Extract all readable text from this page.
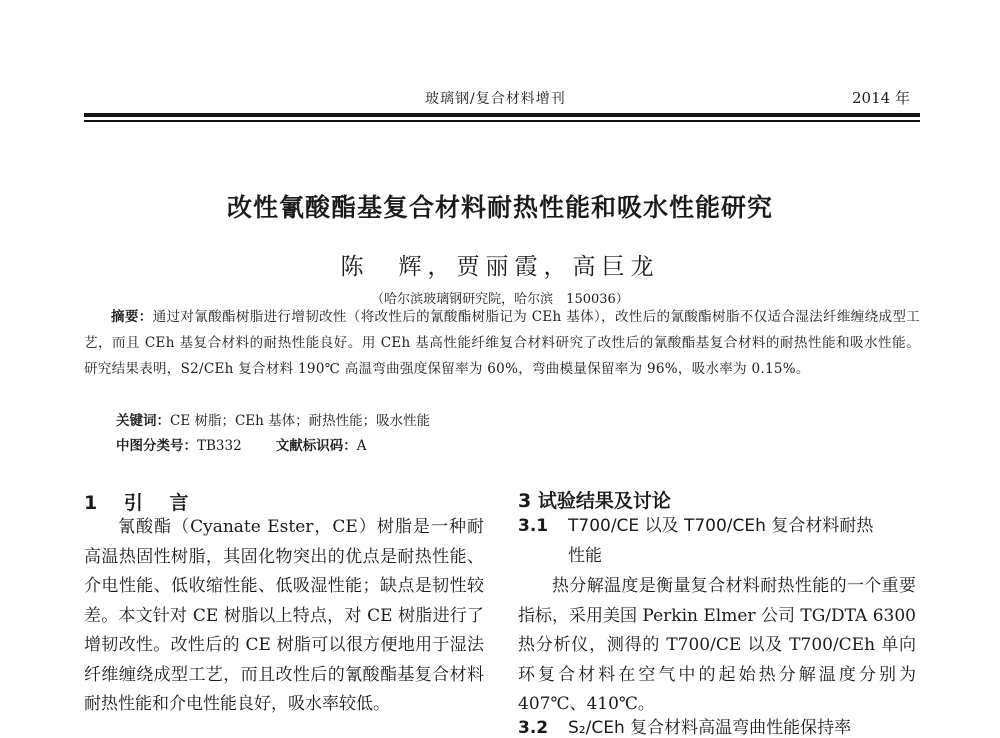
玻璃钢/复合材料增刊	2014 年
改性氰酸酯基复合材料耐热性能和吸水性能研究
陈　辉，贾丽霞，高巨龙
（哈尔滨玻璃钢研究院，哈尔滨　150036）
摘要：通过对氰酸酯树脂进行增韧改性（将改性后的氰酸酯树脂记为 CEh 基体），改性后的氰酸酯树脂不仅适合湿法纤维缠绕成型工艺，而且 CEh 基复合材料的耐热性能良好。用 CEh 基高性能纤维复合材料研究了改性后的氰酸酯基复合材料的耐热性能和吸水性能。研究结果表明，S2/CEh 复合材料 190℃ 高温弯曲强度保留率为 60%，弯曲模量保留率为 96%，吸水率为 0.15%。
关键词：CE 树脂；CEh 基体；耐热性能；吸水性能
中图分类号：TB332	文献标识码：A
1 引 言
氰酸酯（Cyanate Ester，CE）树脂是一种耐高温热固性树脂，其固化物突出的优点是耐热性能、介电性能、低收缩性能、低吸湿性能；缺点是韧性较差。本文针对 CE 树脂以上特点，对 CE 树脂进行了增韧改性。改性后的 CE 树脂可以很方便地用于湿法纤维缠绕成型工艺，而且改性后的氰酸酯基复合材料耐热性能和介电性能良好，吸水率较低。
3 试验结果及讨论
3.1 T700/CE 以及 T700/CEh 复合材料耐热
性能
热分解温度是衡量复合材料耐热性能的一个重要指标，采用美国 Perkin Elmer 公司 TG/DTA 6300 热分析仪，测得的 T700/CE 以及 T700/CEh 单向环复合材料在空气中的起始热分解温度分别为 407℃、410℃。
3.2 S₂/CEh 复合材料高温弯曲性能保持率
